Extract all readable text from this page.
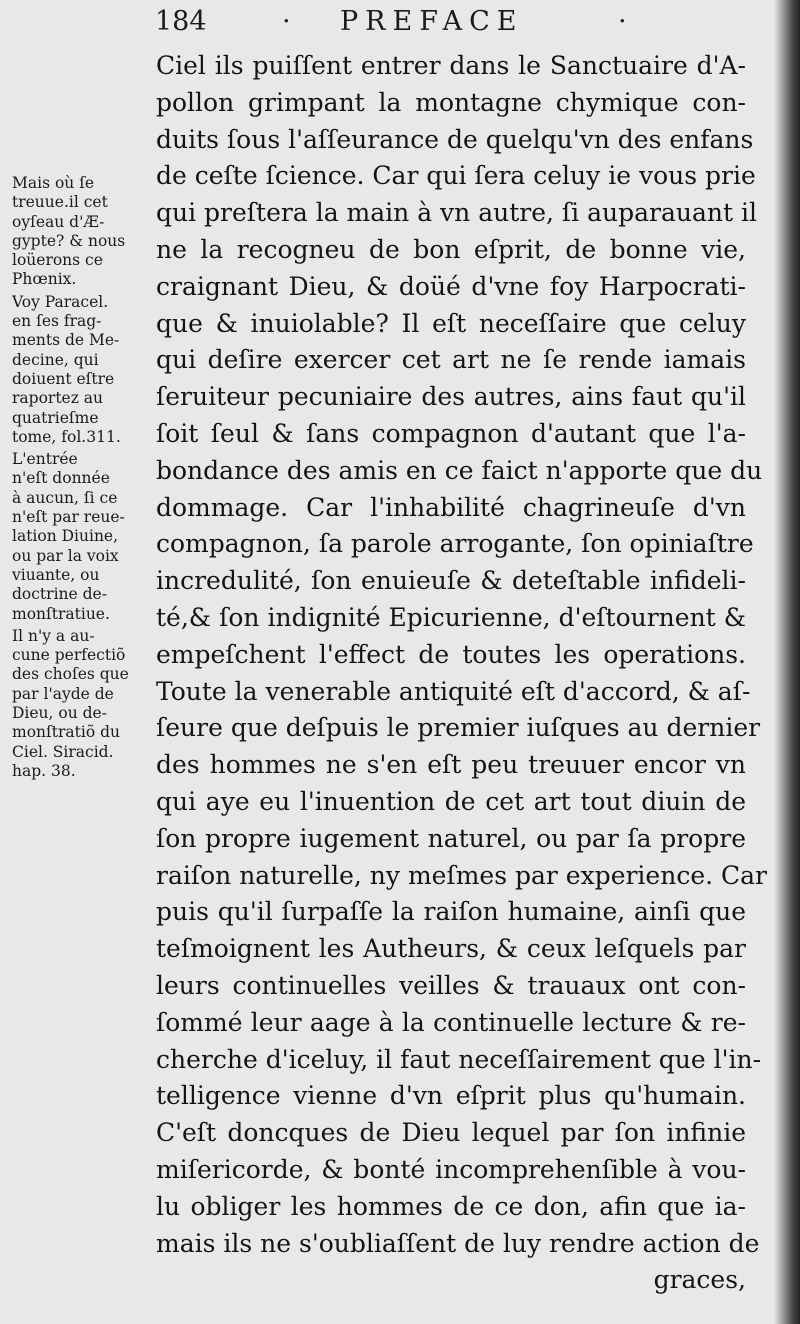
184	· PREFACE	·
Mais où ſe
treuue.il cet
oyſeau d'Æ-
gypte? & nous
loüerons ce
Phœnix.
Voy Paracel.
en ſes frag-
ments de Me-
decine, qui
doiuent eſtre
raportez au
quatrieſme
tome, fol.311.
L'entrée
n'eſt donnée
à aucun, ſi ce
n'eſt par reue-
lation Diuine,
ou par la voix
viuante, ou
doctrine de-
monſtratiue.
Il n'y a au-
cune perfectiõ
des choſes que
par l'ayde de
Dieu, ou de-
monſtratiõ du
Ciel. Siracid.
hap. 38.
Ciel ils puiſſent entrer dans le Sanctuaire d'A-
pollon grimpant la montagne chymique con-
duits ſous l'aſſeurance de quelqu'vn des enfans
de ceſte ſcience. Car qui ſera celuy ie vous prie
qui preſtera la main à vn autre, ſi auparauant il
ne la recogneu de bon eſprit, de bonne vie,
craignant Dieu, & doüé d'vne foy Harpocrati-
que & inuiolable? Il eſt neceſſaire que celuy
qui deſire exercer cet art ne ſe rende iamais
ſeruiteur pecuniaire des autres, ains faut qu'il
ſoit ſeul & ſans compagnon d'autant que l'a-
bondance des amis en ce faict n'apporte que du
dommage. Car l'inhabilité chagrineuſe d'vn
compagnon, ſa parole arrogante, ſon opiniaſtre
incredulité, ſon enuieuſe & deteſtable infideli-
té,& ſon indignité Epicurienne, d'eſtournent &
empeſchent l'effect de toutes les operations.
Toute la venerable antiquité eſt d'accord, & aſ-
ſeure que deſpuis le premier iuſques au dernier
des hommes ne s'en eſt peu treuuer encor vn
qui aye eu l'inuention de cet art tout diuin de
ſon propre iugement naturel, ou par ſa propre
raiſon naturelle, ny meſmes par experience. Car
puis qu'il ſurpaſſe la raiſon humaine, ainſi que
teſmoignent les Autheurs, & ceux leſquels par
leurs continuelles veilles & trauaux ont con-
ſommé leur aage à la continuelle lecture & re-
cherche d'iceluy, il faut neceſſairement que l'in-
telligence vienne d'vn eſprit plus qu'humain.
C'eſt doncques de Dieu lequel par ſon infinie
miſericorde, & bonté incomprehenſible à vou-
lu obliger les hommes de ce don, afin que ia-
mais ils ne s'oubliaſſent de luy rendre action de
graces,
